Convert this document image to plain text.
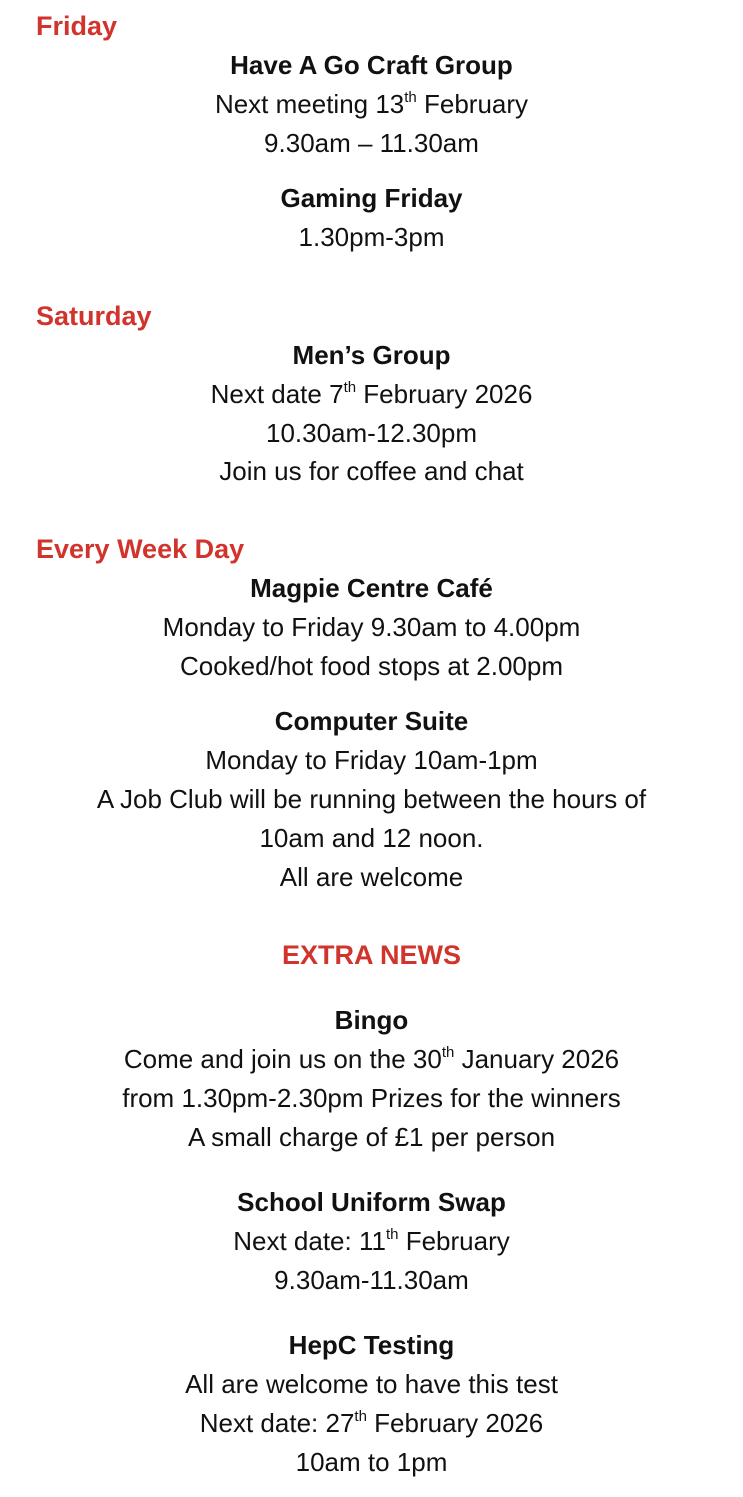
Friday
Have A Go Craft Group
Next meeting 13th February
9.30am – 11.30am
Gaming Friday
1.30pm-3pm
Saturday
Men’s Group
Next date 7th February 2026
10.30am-12.30pm
Join us for coffee and chat
Every Week Day
Magpie Centre Café
Monday to Friday 9.30am to 4.00pm
Cooked/hot food stops at 2.00pm
Computer Suite
Monday to Friday 10am-1pm
A Job Club will be running between the hours of
10am and 12 noon.
All are welcome
EXTRA NEWS
Bingo
Come and join us on the 30th January 2026
from 1.30pm-2.30pm Prizes for the winners
A small charge of £1 per person
School Uniform Swap
Next date: 11th February
9.30am-11.30am
HepC Testing
All are welcome to have this test
Next date: 27th February 2026
10am to 1pm
